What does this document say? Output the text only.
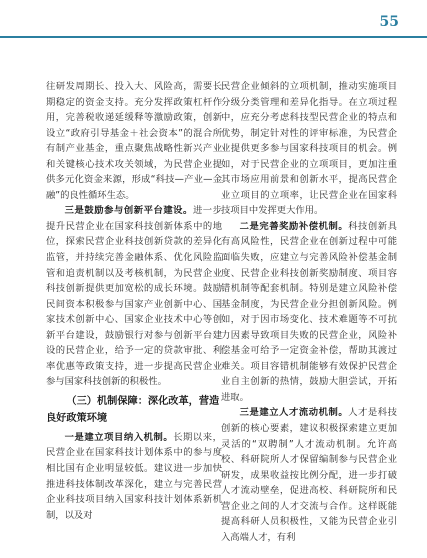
55

往研发周期长、投入大、风险高，需要长期稳定的资金支持。充分发挥政策杠杆作用，完善税收递延缓释等激励政策，创新设立“政府引导基金＋社会资本”的混合所有制产业基金，重点聚焦战略性新兴产业和关键核心技术攻关领域，为民营企业提供多元化资金来源，形成“科技—产业—金融”的良性循环生态。

三是鼓励参与创新平台建设。进一步提升民营企业在国家科技创新体系中的地位，探索民营企业科技创新贷款的差异化监管，并持续完善金融体系、优化风险监管和追责机制以及考核机制，为民营企业科技创新提供更加宽松的成长环境。鼓励民间资本积极参与国家产业创新中心、国家技术创新中心、国家企业技术中心等创新平台建设，鼓励银行对参与创新平台建设的民营企业，给予一定的贷款审批、利率优惠等政策支持，进一步提高民营企业参与国家科技创新的积极性。

（三）机制保障：深化改革，营造良好政策环境

一是建立项目纳入机制。长期以来，民营企业在国家科技计划体系中的参与度相比国有企业明显较低。建议进一步加快推进科技体制改革深化，建立与完善民营企业科技项目纳入国家科技计划体系新机制，以及对

民营企业倾斜的立项机制，推动实施项目分级分类管理和差异化指导。在立项过程中，应充分考虑科技型民营企业的特点和优势，制定针对性的评审标准，为民营企业提供更多参与国家科技项目的机会。例如，对于民营企业的立项项目，更加注重其市场应用前景和创新水平，提高民营企业立项目的立项率，让民营企业在国家科技项目中发挥更大作用。

二是完善奖励补偿机制。科技创新具有高风险性，民营企业在创新过程中可能面临失败，应建立与完善风险补偿基金制度、民营企业科技创新奖励制度、项目容错机制等配套机制。特别是建立风险补偿基金制度，为民营企业分担创新风险。例如，对于因市场变化、技术难题等不可抗力因素导致项目失败的民营企业，风险补偿基金可给予一定资金补偿，帮助其渡过难关。项目容错机制能够有效保护民营企业自主创新的热情，鼓励大胆尝试，开拓进取。

三是建立人才流动机制。人才是科技创新的核心要素，建议积极探索建立更加灵活的“双聘制”人才流动机制。允许高校、科研院所人才保留编制参与民营企业研发，成果收益按比例分配，进一步打破人才流动壁垒，促进高校、科研院所和民营企业之间的人才交流与合作。这样既能提高科研人员积极性，又能为民营企业引入高端人才，有利
